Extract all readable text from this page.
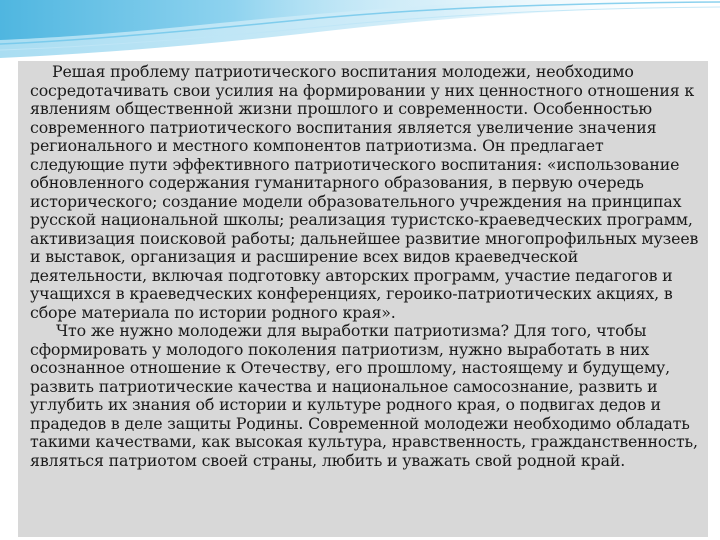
Решая проблему патриотического воспитания молодежи, необходимо сосредотачивать свои усилия на формировании у них ценностного отношения к явлениям общественной жизни прошлого и современности. Особенностью современного патриотического воспитания является увеличение значения регионального и местного компонентов патриотизма. Он предлагает следующие пути эффективного патриотического воспитания: «использование обновленного содержания гуманитарного образования, в первую очередь исторического; создание модели образовательного учреждения на принципах русской национальной школы; реализация туристско-краеведческих программ, активизация поисковой работы; дальнейшее развитие многопрофильных музеев и выставок, организация и расширение всех видов краеведческой деятельности, включая подготовку авторских программ, участие педагогов и учащихся в краеведческих конференциях, героико-патриотических акциях, в сборе материала по истории родного края».

Что же нужно молодежи для выработки патриотизма? Для того, чтобы сформировать у молодого поколения патриотизм, нужно выработать в них осознанное отношение к Отечеству, его прошлому, настоящему и будущему, развить патриотические качества и национальное самосознание, развить и углубить их знания об истории и культуре родного края, о подвигах дедов и прадедов в деле защиты Родины. Современной молодежи необходимо обладать такими качествами, как высокая культура, нравственность, гражданственность, являться патриотом своей страны, любить и уважать свой родной край.
